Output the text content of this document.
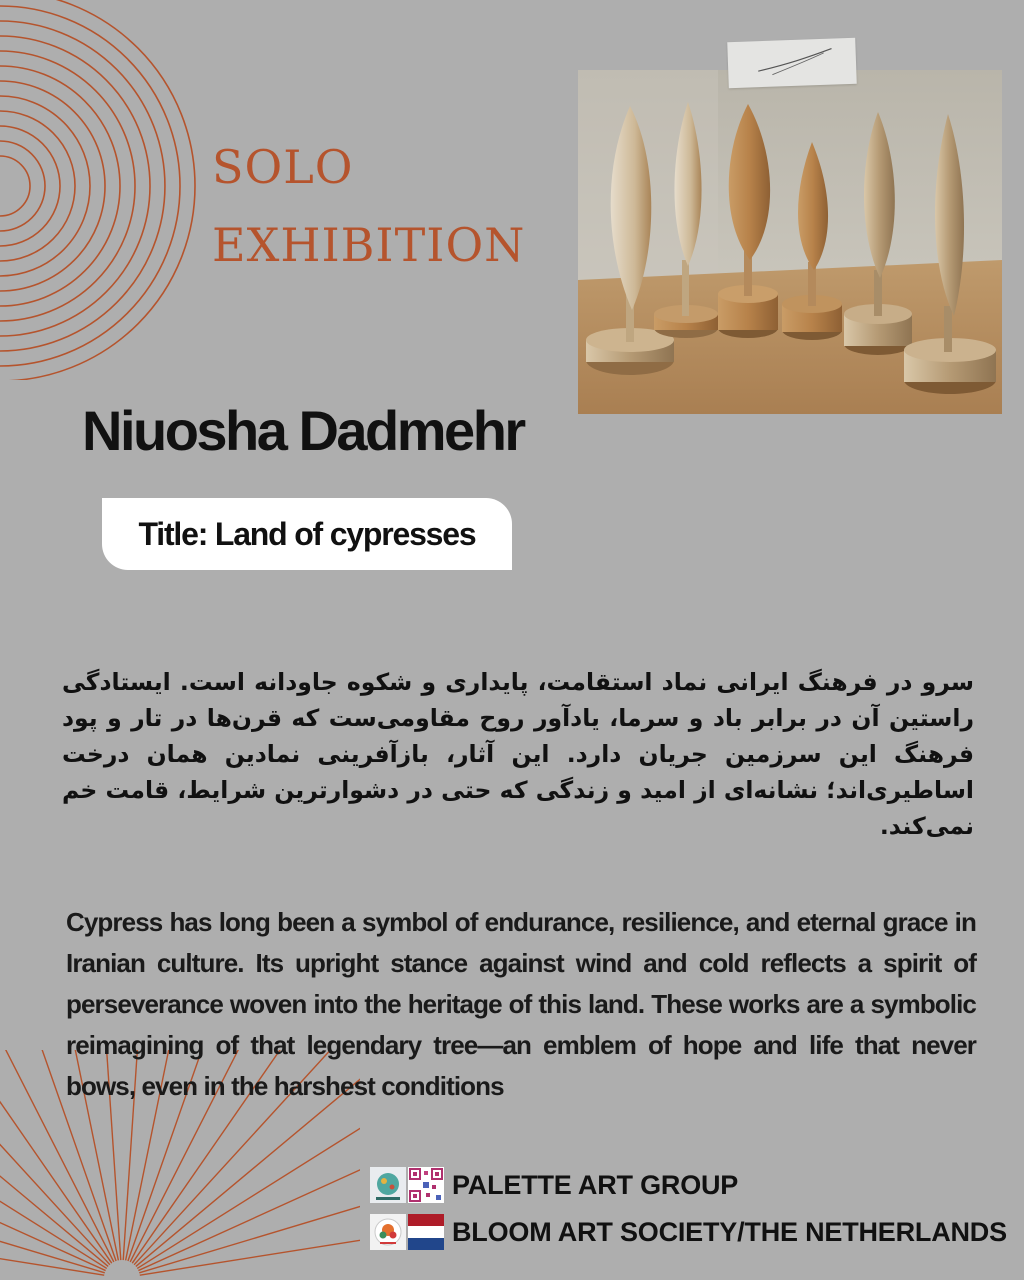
SOLO
EXHIBITION
Niuosha Dadmehr
Title: Land of cypresses
سرو در فرهنگ ایرانی نماد استقامت، پایداری و شکوه جاودانه است. ایستادگی راستین آن در برابر باد و سرما، یادآور روح مقاومی‌ست که قرن‌ها در تار و پود فرهنگ این سرزمین جریان دارد. این آثار، بازآفرینی نمادین همان درخت اساطیری‌اند؛ نشانه‌ای از امید و زندگی که حتی در دشوارترین شرایط، قامت خم نمی‌کند.
Cypress has long been a symbol of endurance, resilience, and eternal grace in Iranian culture. Its upright stance against wind and cold reflects a spirit of perseverance woven into the heritage of this land. These works are a symbolic reimagining of that legendary tree—an emblem of hope and life that never bows, even in the harshest conditions
PALETTE ART GROUP
BLOOM ART SOCIETY/THE NETHERLANDS
